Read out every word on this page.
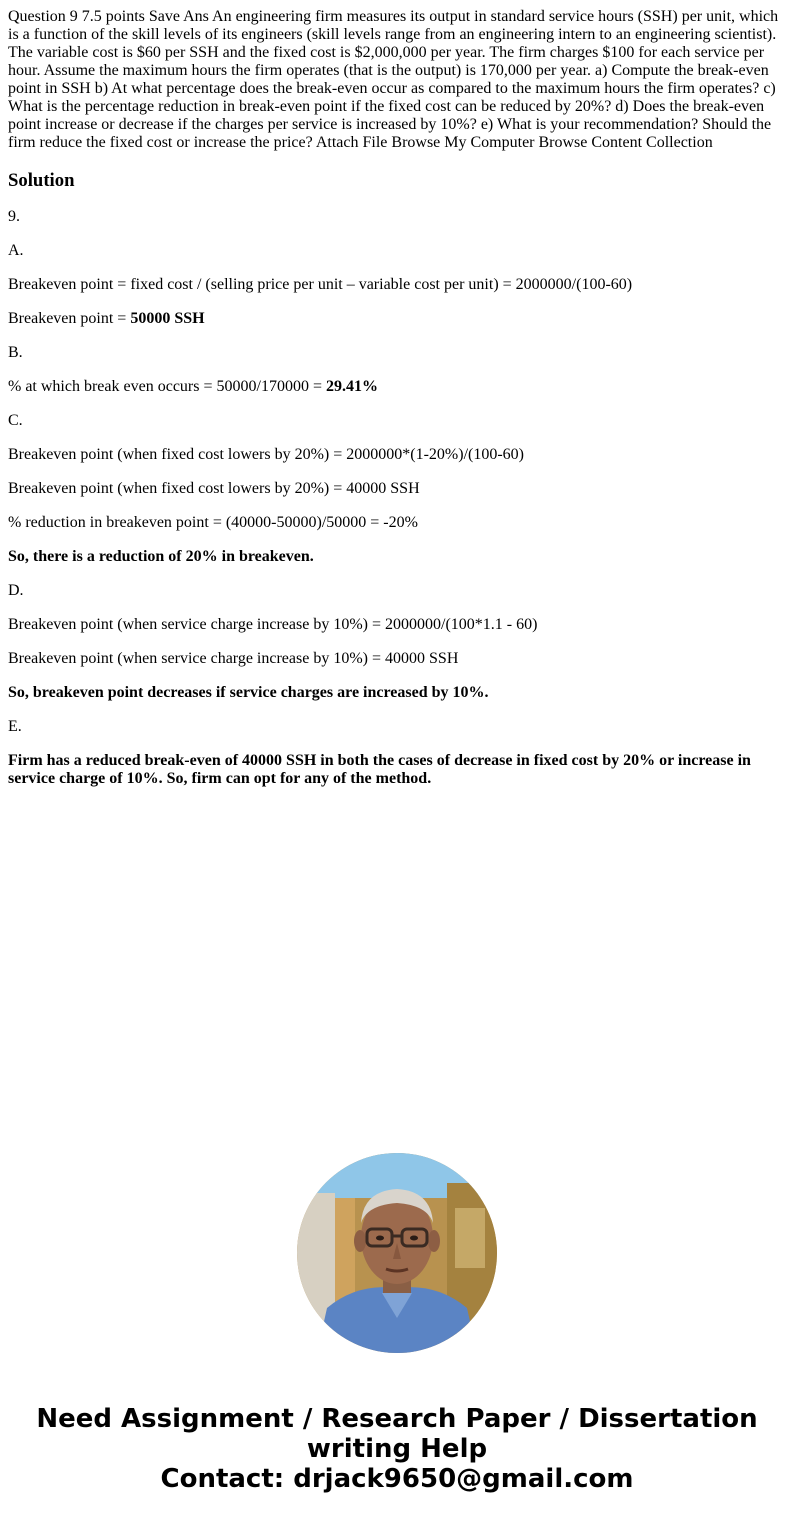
Question 9 7.5 points Save Ans An engineering firm measures its output in standard service hours (SSH) per unit, which is a function of the skill levels of its engineers (skill levels range from an engineering intern to an engineering scientist). The variable cost is $60 per SSH and the fixed cost is $2,000,000 per year. The firm charges $100 for each service per hour. Assume the maximum hours the firm operates (that is the output) is 170,000 per year. a) Compute the break-even point in SSH b) At what percentage does the break-even occur as compared to the maximum hours the firm operates? c) What is the percentage reduction in break-even point if the fixed cost can be reduced by 20%? d) Does the break-even point increase or decrease if the charges per service is increased by 10%? e) What is your recommendation? Should the firm reduce the fixed cost or increase the price? Attach File Browse My Computer Browse Content Collection
Solution

9.

A.

Breakeven point = fixed cost / (selling price per unit – variable cost per unit) = 2000000/(100-60)

Breakeven point = 50000 SSH

B.

% at which break even occurs = 50000/170000 = 29.41%

C.

Breakeven point (when fixed cost lowers by 20%) = 2000000*(1-20%)/(100-60)

Breakeven point (when fixed cost lowers by 20%) = 40000 SSH

% reduction in breakeven point = (40000-50000)/50000 = -20%

So, there is a reduction of 20% in breakeven.

D.

Breakeven point (when service charge increase by 10%) = 2000000/(100*1.1 - 60)

Breakeven point (when service charge increase by 10%) = 40000 SSH

So, breakeven point decreases if service charges are increased by 10%.

E.

Firm has a reduced break-even of 40000 SSH in both the cases of decrease in fixed cost by 20% or increase in service charge of 10%. So, firm can opt for any of the method.

Need Assignment / Research Paper / Dissertation
writing Help
Contact: drjack9650@gmail.com
